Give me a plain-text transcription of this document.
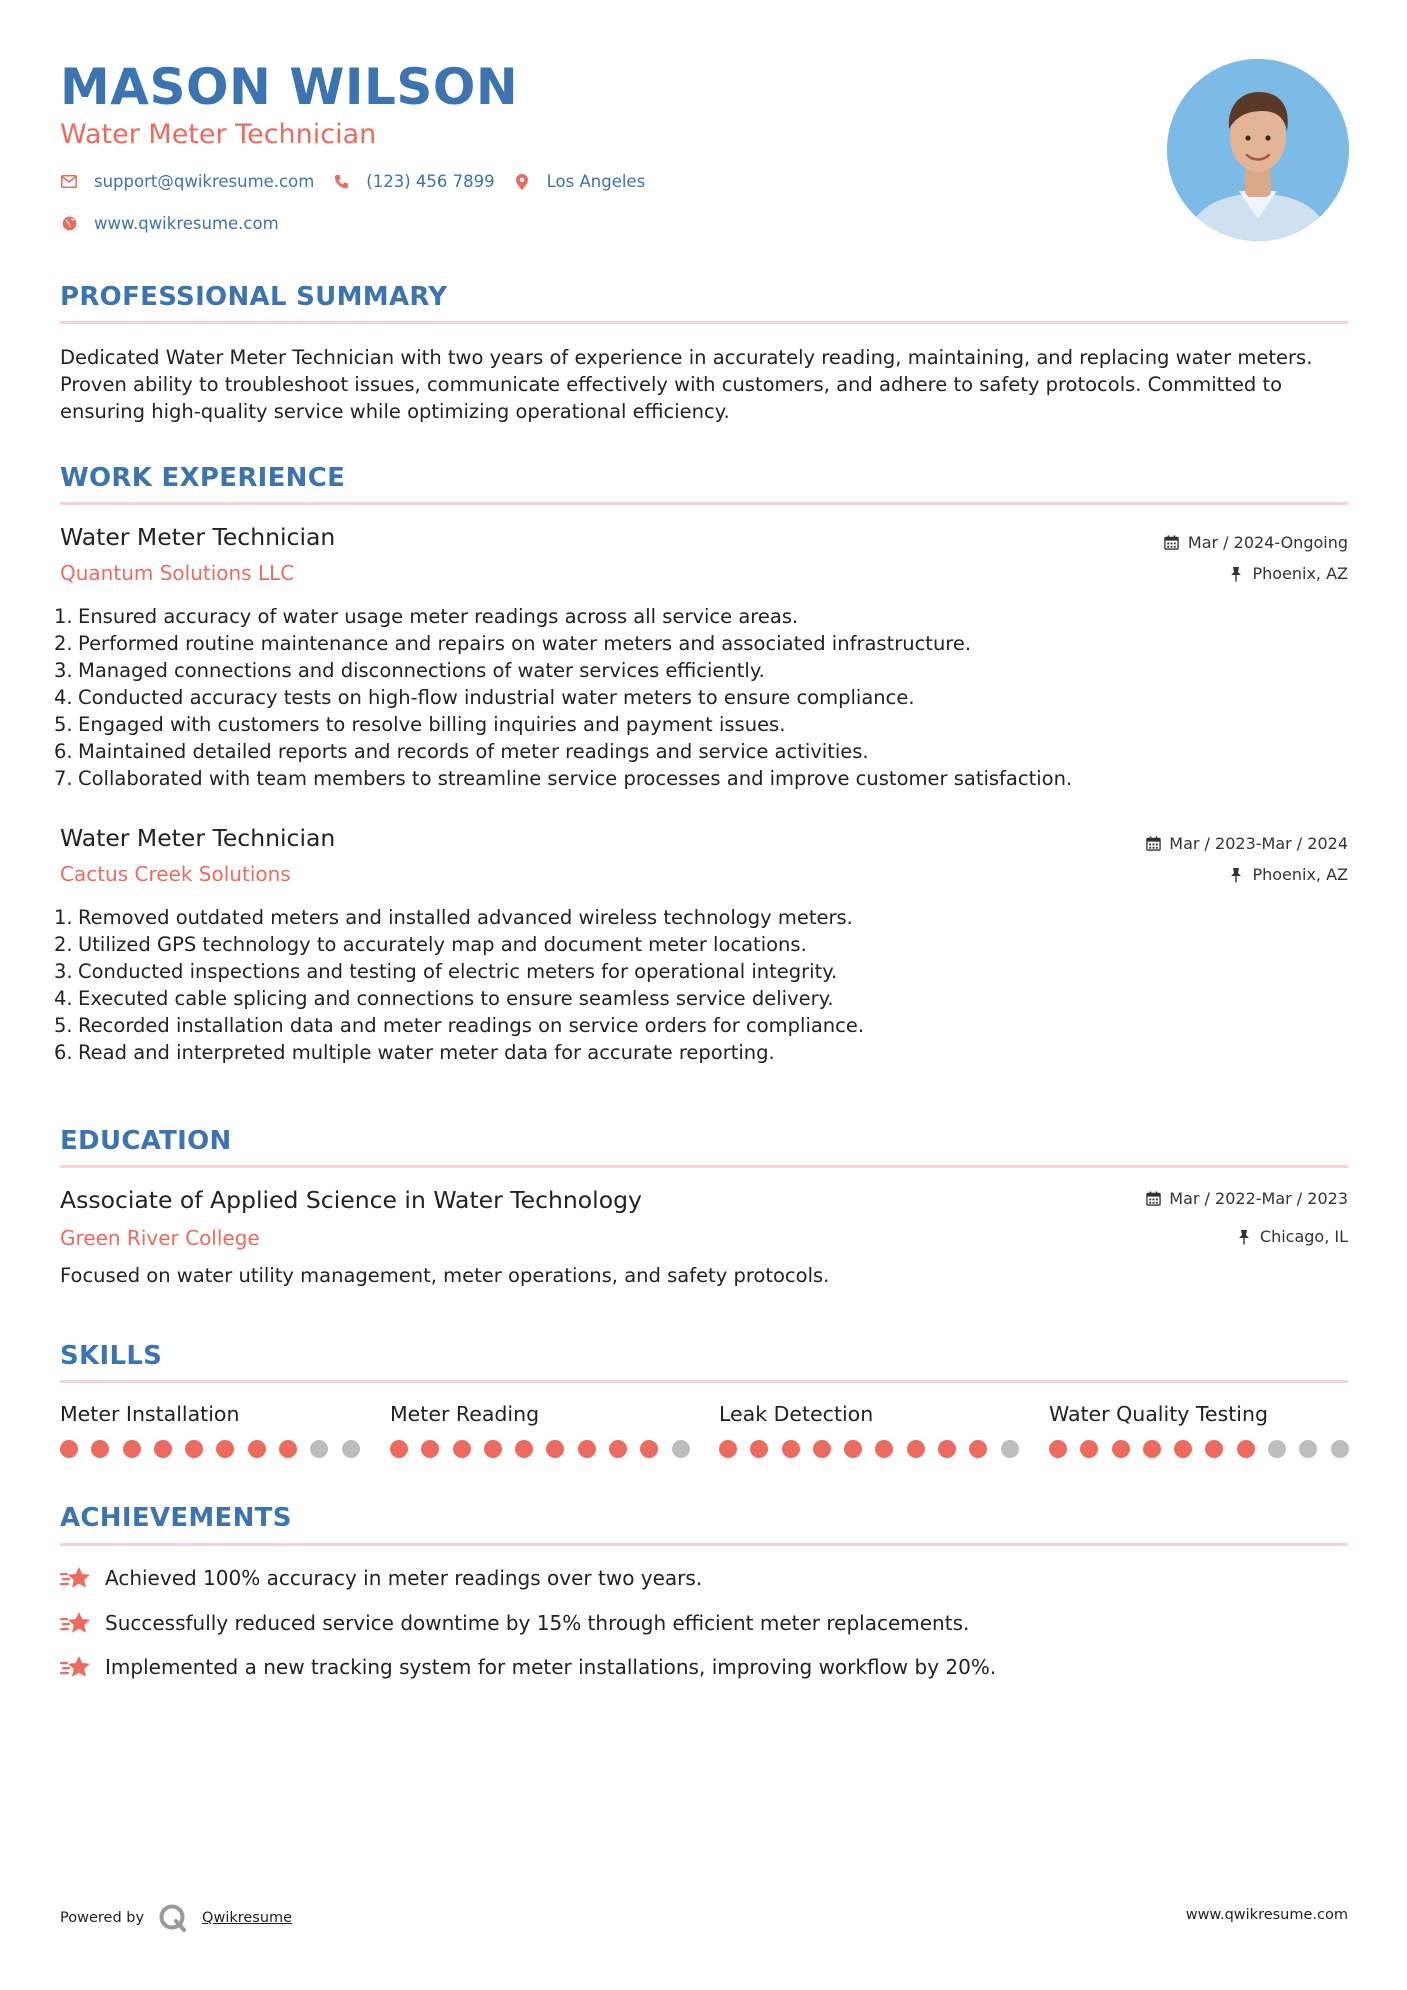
MASON WILSON
Water Meter Technician
support@qwikresume.com	(123) 456 7899	Los Angeles
www.qwikresume.com
PROFESSIONAL SUMMARY
Dedicated Water Meter Technician with two years of experience in accurately reading, maintaining, and replacing water meters. Proven ability to troubleshoot issues, communicate effectively with customers, and adhere to safety protocols. Committed to ensuring high-quality service while optimizing operational efficiency.
WORK EXPERIENCE
Water Meter Technician
Quantum Solutions LLC
Mar / 2024-Ongoing
Phoenix, AZ
1. Ensured accuracy of water usage meter readings across all service areas.
2. Performed routine maintenance and repairs on water meters and associated infrastructure.
3. Managed connections and disconnections of water services efficiently.
4. Conducted accuracy tests on high-flow industrial water meters to ensure compliance.
5. Engaged with customers to resolve billing inquiries and payment issues.
6. Maintained detailed reports and records of meter readings and service activities.
7. Collaborated with team members to streamline service processes and improve customer satisfaction.
Water Meter Technician
Cactus Creek Solutions
Mar / 2023-Mar / 2024
Phoenix, AZ
1. Removed outdated meters and installed advanced wireless technology meters.
2. Utilized GPS technology to accurately map and document meter locations.
3. Conducted inspections and testing of electric meters for operational integrity.
4. Executed cable splicing and connections to ensure seamless service delivery.
5. Recorded installation data and meter readings on service orders for compliance.
6. Read and interpreted multiple water meter data for accurate reporting.
EDUCATION
Associate of Applied Science in Water Technology
Green River College
Mar / 2022-Mar / 2023
Chicago, IL
Focused on water utility management, meter operations, and safety protocols.
SKILLS
Meter Installation	Meter Reading	Leak Detection	Water Quality Testing
ACHIEVEMENTS
Achieved 100% accuracy in meter readings over two years.
Successfully reduced service downtime by 15% through efficient meter replacements.
Implemented a new tracking system for meter installations, improving workflow by 20%.
Powered by	Qwikresume	www.qwikresume.com
